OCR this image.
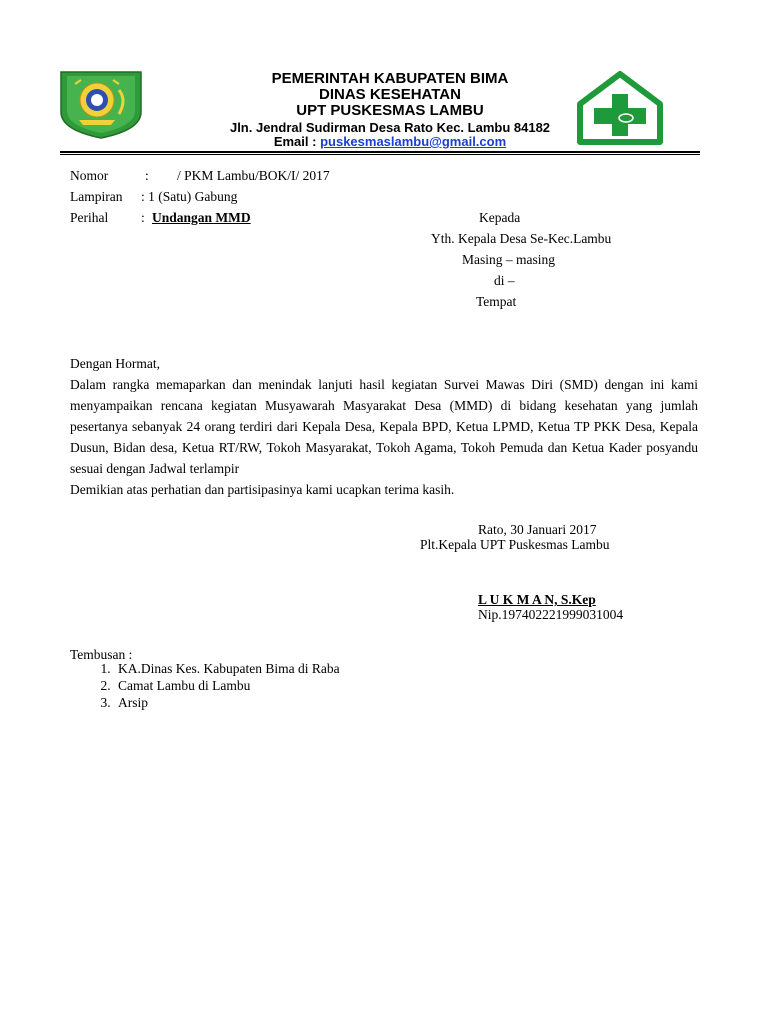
PEMERINTAH KABUPATEN BIMA
DINAS KESEHATAN
UPT PUSKESMAS LAMBU
Jln. Jendral Sudirman Desa Rato Kec. Lambu 84182
Email : puskesmaslambu@gmail.com
Nomor	: / PKM Lambu/BOK/I/ 2017
Lampiran : 1 (Satu) Gabung
Perihal : Undangan MMD	Kepada
Yth. Kepala Desa Se-Kec.Lambu
Masing – masing
di –
Tempat
Dengan Hormat,
Dalam rangka memaparkan dan menindak lanjuti hasil kegiatan Survei Mawas Diri (SMD) dengan ini kami menyampaikan rencana kegiatan Musyawarah Masyarakat Desa (MMD) di bidang kesehatan yang jumlah pesertanya sebanyak 24 orang terdiri dari Kepala Desa, Kepala BPD, Ketua LPMD, Ketua TP PKK Desa, Kepala Dusun, Bidan desa, Ketua RT/RW, Tokoh Masyarakat, Tokoh Agama, Tokoh Pemuda dan Ketua Kader posyandu sesuai dengan Jadwal terlampir
Demikian atas perhatian dan partisipasinya kami ucapkan terima kasih.
Rato, 30 Januari 2017
Plt.Kepala UPT Puskesmas Lambu
L U K M A N, S.Kep
Nip.197402221999031004
Tembusan :
1. KA.Dinas Kes. Kabupaten Bima di Raba
2. Camat Lambu di Lambu
3. Arsip
